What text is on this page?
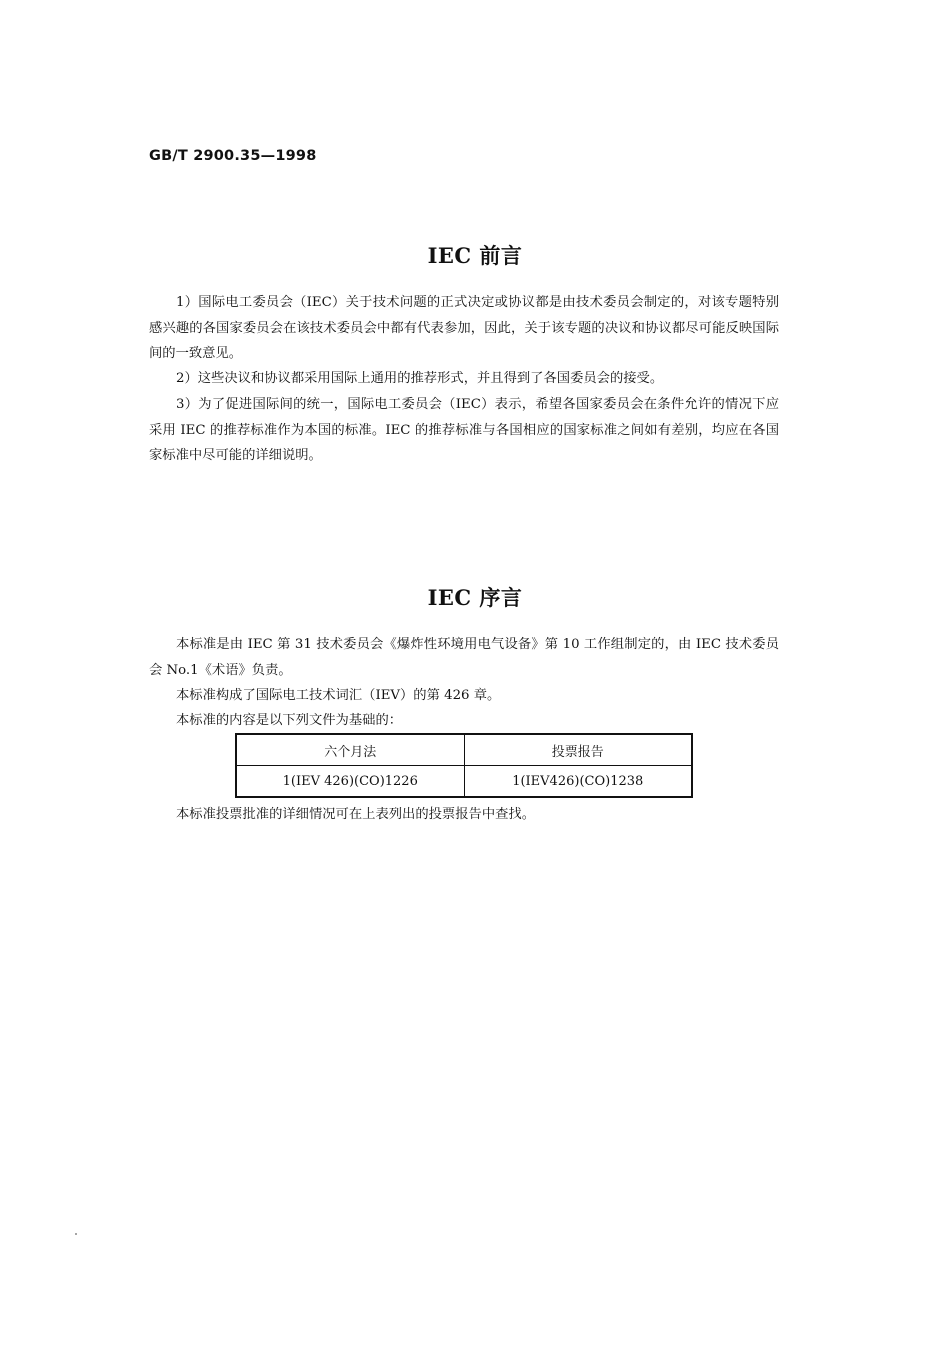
GB/T 2900.35—1998
IEC 前言

1）国际电工委员会（IEC）关于技术问题的正式决定或协议都是由技术委员会制定的，对该专题特别感兴趣的各国家委员会在该技术委员会中都有代表参加，因此，关于该专题的决议和协议都尽可能反映国际间的一致意见。

2）这些决议和协议都采用国际上通用的推荐形式，并且得到了各国委员会的接受。

3）为了促进国际间的统一，国际电工委员会（IEC）表示，希望各国家委员会在条件允许的情况下应采用 IEC 的推荐标准作为本国的标准。IEC 的推荐标准与各国相应的国家标准之间如有差别，均应在各国家标准中尽可能的详细说明。

IEC 序言

本标准是由 IEC 第 31 技术委员会《爆炸性环境用电气设备》第 10 工作组制定的，由 IEC 技术委员会 No.1《术语》负责。

本标准构成了国际电工技术词汇（IEV）的第 426 章。

本标准的内容是以下列文件为基础的：

六个月法	投票报告
1(IEV 426)(CO)1226	1(IEV426)(CO)1238

本标准投票批准的详细情况可在上表列出的投票报告中查找。
